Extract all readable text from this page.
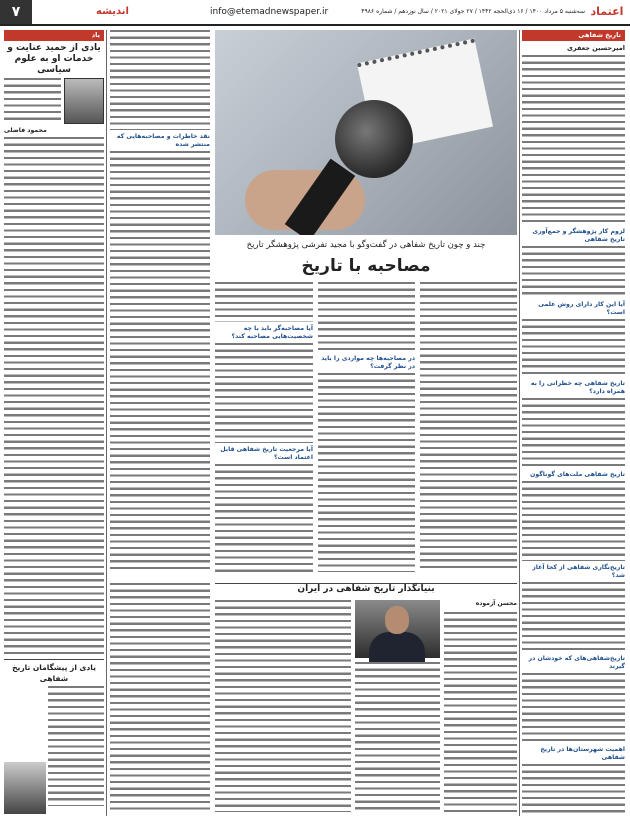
۷	اندیشه	info@etemadnewspaper.ir	سه‌شنبه ۵ مرداد ۱۴۰۰ / ۱۶ ذی‌الحجه ۱۴۴۲ / ۲۷ جولای ۲۰۲۱ / سال نوزدهم / شماره ۴۹۸۶ اعتماد
تاریخ شفاهی
امیرحسین جعفری
لزوم کار پژوهشگر و جمع‌آوری تاریخ شفاهی
آیا این کار دارای روش علمی است؟
تاریخ شفاهی چه خطراتی را به همراه دارد؟
تاریخ شفاهی ملت‌های گوناگون
تاریخ‌نگاری شفاهی از کجا آغاز شد؟
تاریخ‌شفاهی‌های که خودشان در گیرند
اهمیت شهرستان‌ها در تاریخ شفاهی
چند و چون تاریخ شفاهی در گفت‌وگو با مجید تفرشی پژوهشگر تاریخ
مصاحبه با تاریخ
در مصاحبه‌ها چه مواردی را باید در نظر گرفت؟
آیا مصاحبه‌گر باید با چه شخصیت‌هایی مصاحبه کند؟
آیا مرجعیت تاریخ شفاهی قابل اعتماد است؟
نقد خاطرات و مصاحبه‌هایی که منتشر شده
بنیانگذار تاریخ شفاهی در ایران
محسن آزموده
یاد
یادی از حمید عنایت و خدمات او به علوم سیاسی
محمود فاضلی
یادی از پیشگامان تاریخ شفاهی
